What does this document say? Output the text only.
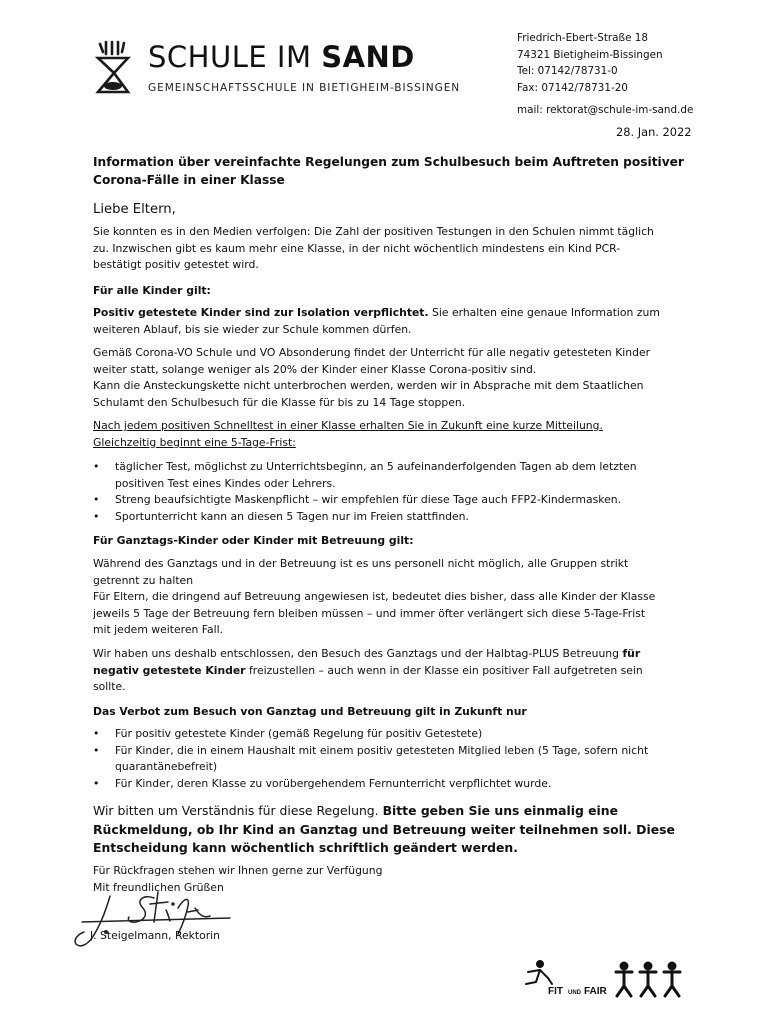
SCHULE IM SAND
GEMEINSCHAFTSSCHULE IN BIETIGHEIM-BISSINGEN
Friedrich-Ebert-Straße 18
74321 Bietigheim-Bissingen
Tel: 07142/78731-0
Fax: 07142/78731-20
mail: rektorat@schule-im-sand.de
28. Jan. 2022
Information über vereinfachte Regelungen zum Schulbesuch beim Auftreten positiver
Corona-Fälle in einer Klasse
Liebe Eltern,
Sie konnten es in den Medien verfolgen: Die Zahl der positiven Testungen in den Schulen nimmt täglich
zu. Inzwischen gibt es kaum mehr eine Klasse, in der nicht wöchentlich mindestens ein Kind PCR-
bestätigt positiv getestet wird.
Für alle Kinder gilt:
Positiv getestete Kinder sind zur Isolation verpflichtet. Sie erhalten eine genaue Information zum
weiteren Ablauf, bis sie wieder zur Schule kommen dürfen.
Gemäß Corona-VO Schule und VO Absonderung findet der Unterricht für alle negativ getesteten Kinder
weiter statt, solange weniger als 20% der Kinder einer Klasse Corona-positiv sind.
Kann die Ansteckungskette nicht unterbrochen werden, werden wir in Absprache mit dem Staatlichen
Schulamt den Schulbesuch für die Klasse für bis zu 14 Tage stoppen.
Nach jedem positiven Schnelltest in einer Klasse erhalten Sie in Zukunft eine kurze Mitteilung.
Gleichzeitig beginnt eine 5-Tage-Frist:
•	täglicher Test, möglichst zu Unterrichtsbeginn, an 5 aufeinanderfolgenden Tagen ab dem letzten
positiven Test eines Kindes oder Lehrers.
•	Streng beaufsichtigte Maskenpflicht – wir empfehlen für diese Tage auch FFP2-Kindermasken.
•	Sportunterricht kann an diesen 5 Tagen nur im Freien stattfinden.
Für Ganztags-Kinder oder Kinder mit Betreuung gilt:
Während des Ganztags und in der Betreuung ist es uns personell nicht möglich, alle Gruppen strikt
getrennt zu halten
Für Eltern, die dringend auf Betreuung angewiesen ist, bedeutet dies bisher, dass alle Kinder der Klasse
jeweils 5 Tage der Betreuung fern bleiben müssen – und immer öfter verlängert sich diese 5-Tage-Frist
mit jedem weiteren Fall.
Wir haben uns deshalb entschlossen, den Besuch des Ganztags und der Halbtag-PLUS Betreuung für
negativ getestete Kinder freizustellen – auch wenn in der Klasse ein positiver Fall aufgetreten sein
sollte.
Das Verbot zum Besuch von Ganztag und Betreuung gilt in Zukunft nur
•	Für positiv getestete Kinder (gemäß Regelung für positiv Getestete)
•	Für Kinder, die in einem Haushalt mit einem positiv getesteten Mitglied leben (5 Tage, sofern nicht
quarantänebefreit)
•	Für Kinder, deren Klasse zu vorübergehendem Fernunterricht verpflichtet wurde.
Wir bitten um Verständnis für diese Regelung. Bitte geben Sie uns einmalig eine
Rückmeldung, ob Ihr Kind an Ganztag und Betreuung weiter teilnehmen soll. Diese
Entscheidung kann wöchentlich schriftlich geändert werden.
Für Rückfragen stehen wir Ihnen gerne zur Verfügung
Mit freundlichen Grüßen
J. Steigelmann, Rektorin
FIT UND FAIR
